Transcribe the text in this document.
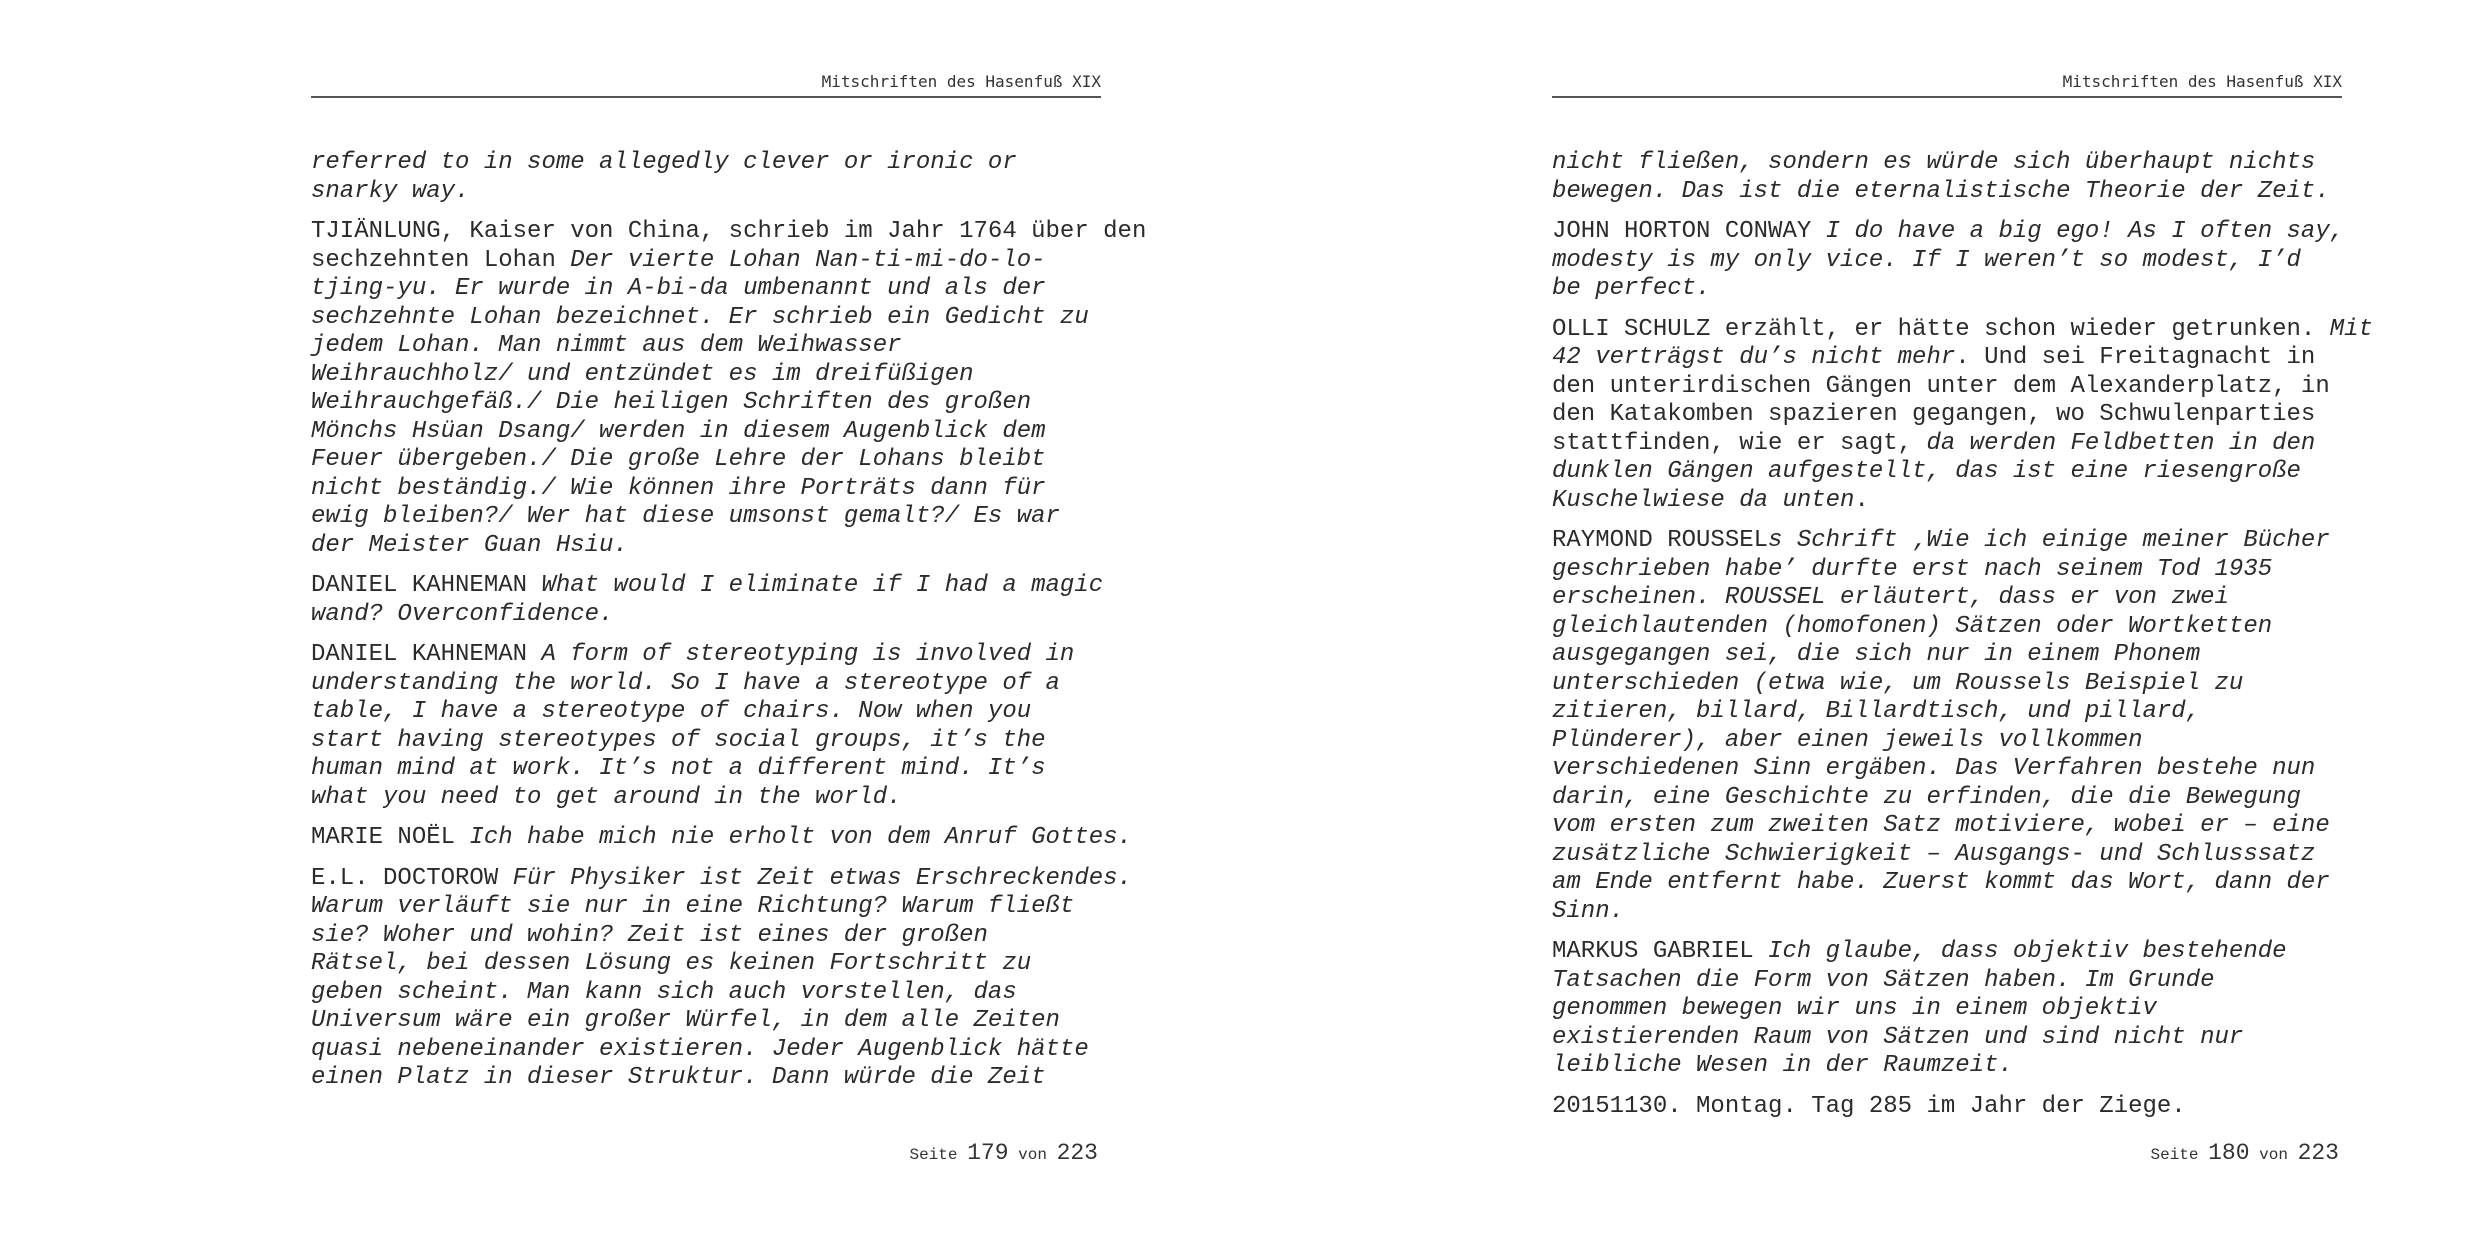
Mitschriften des Hasenfuß XIX

referred to in some allegedly clever or ironic or
snarky way.

TJIÄNLUNG, Kaiser von China, schrieb im Jahr 1764 über den
sechzehnten Lohan Der vierte Lohan Nan-ti-mi-do-lo-
tjing-yu. Er wurde in A-bi-da umbenannt und als der
sechzehnte Lohan bezeichnet. Er schrieb ein Gedicht zu
jedem Lohan. Man nimmt aus dem Weihwasser
Weihrauchholz/ und entzündet es im dreifüßigen
Weihrauchgefäß./ Die heiligen Schriften des großen
Mönchs Hsüan Dsang/ werden in diesem Augenblick dem
Feuer übergeben./ Die große Lehre der Lohans bleibt
nicht beständig./ Wie können ihre Porträts dann für
ewig bleiben?/ Wer hat diese umsonst gemalt?/ Es war
der Meister Guan Hsiu.

DANIEL KAHNEMAN What would I eliminate if I had a magic
wand? Overconfidence.

DANIEL KAHNEMAN A form of stereotyping is involved in
understanding the world. So I have a stereotype of a
table, I have a stereotype of chairs. Now when you
start having stereotypes of social groups, it’s the
human mind at work. It’s not a different mind. It’s
what you need to get around in the world.

MARIE NOËL Ich habe mich nie erholt von dem Anruf Gottes.

E.L. DOCTOROW Für Physiker ist Zeit etwas Erschreckendes.
Warum verläuft sie nur in eine Richtung? Warum fließt
sie? Woher und wohin? Zeit ist eines der großen
Rätsel, bei dessen Lösung es keinen Fortschritt zu
geben scheint. Man kann sich auch vorstellen, das
Universum wäre ein großer Würfel, in dem alle Zeiten
quasi nebeneinander existieren. Jeder Augenblick hätte
einen Platz in dieser Struktur. Dann würde die Zeit

Seite 179 von 223
Mitschriften des Hasenfuß XIX

nicht fließen, sondern es würde sich überhaupt nichts
bewegen. Das ist die eternalistische Theorie der Zeit.

JOHN HORTON CONWAY I do have a big ego! As I often say,
modesty is my only vice. If I weren’t so modest, I’d
be perfect.

OLLI SCHULZ erzählt, er hätte schon wieder getrunken. Mit
42 verträgst du’s nicht mehr. Und sei Freitagnacht in
den unterirdischen Gängen unter dem Alexanderplatz, in
den Katakomben spazieren gegangen, wo Schwulenparties
stattfinden, wie er sagt, da werden Feldbetten in den
dunklen Gängen aufgestellt, das ist eine riesengroße
Kuschelwiese da unten.

RAYMOND ROUSSELs Schrift ‚Wie ich einige meiner Bücher
geschrieben habe’ durfte erst nach seinem Tod 1935
erscheinen. ROUSSEL erläutert, dass er von zwei
gleichlautenden (homofonen) Sätzen oder Wortketten
ausgegangen sei, die sich nur in einem Phonem
unterschieden (etwa wie, um Roussels Beispiel zu
zitieren, billard, Billardtisch, und pillard,
Plünderer), aber einen jeweils vollkommen
verschiedenen Sinn ergäben. Das Verfahren bestehe nun
darin, eine Geschichte zu erfinden, die die Bewegung
vom ersten zum zweiten Satz motiviere, wobei er – eine
zusätzliche Schwierigkeit – Ausgangs- und Schlusssatz
am Ende entfernt habe. Zuerst kommt das Wort, dann der
Sinn.

MARKUS GABRIEL Ich glaube, dass objektiv bestehende
Tatsachen die Form von Sätzen haben. Im Grunde
genommen bewegen wir uns in einem objektiv
existierenden Raum von Sätzen und sind nicht nur
leibliche Wesen in der Raumzeit.

20151130. Montag. Tag 285 im Jahr der Ziege.

Seite 180 von 223
